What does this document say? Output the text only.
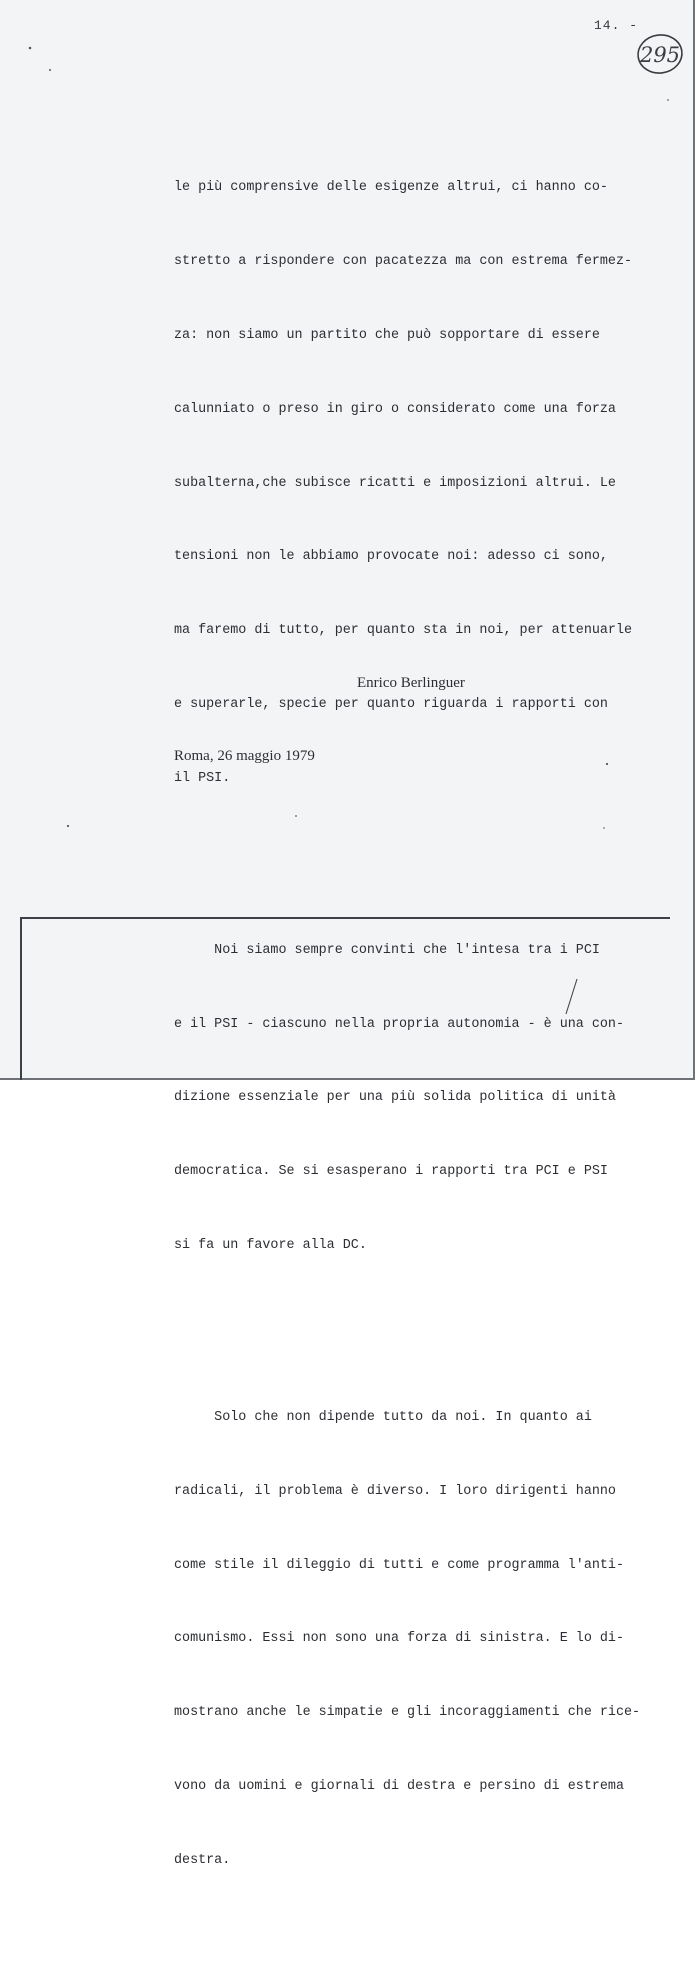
14. -
295

le più comprensive delle esigenze altrui, ci hanno co-

stretto a rispondere con pacatezza ma con estrema fermez-

za: non siamo un partito che può sopportare di essere

calunniato o preso in giro o considerato come una forza

subalterna,che subisce ricatti e imposizioni altrui. Le

tensioni non le abbiamo provocate noi: adesso ci sono,

ma faremo di tutto, per quanto sta in noi, per attenuarle

e superarle, specie per quanto riguarda i rapporti con

il PSI.

Noi siamo sempre convinti che l'intesa tra i PCI

e il PSI - ciascuno nella propria autonomia - è una con-

dizione essenziale per una più solida politica di unità

democratica. Se si esasperano i rapporti tra PCI e PSI

si fa un favore alla DC.

Solo che non dipende tutto da noi. In quanto ai

radicali, il problema è diverso. I loro dirigenti hanno

come stile il dileggio di tutti e come programma l'anti-

comunismo. Essi non sono una forza di sinistra. E lo di-

mostrano anche le simpatie e gli incoraggiamenti che rice-

vono da uomini e giornali di destra e persino di estrema

destra.

Enrico Berlinguer
Roma, 26 maggio 1979
